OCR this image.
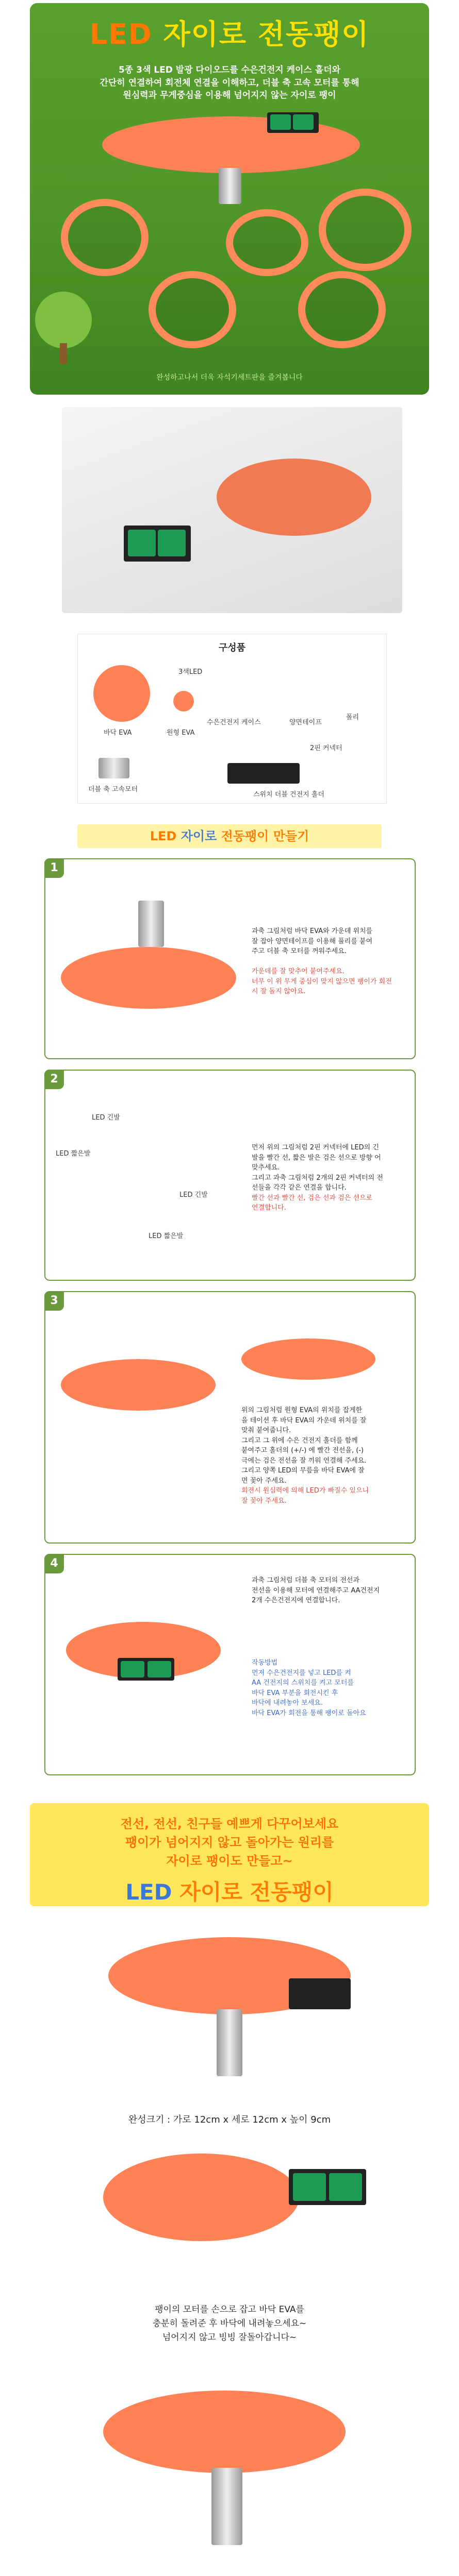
LED 자이로 전동팽이
5종 3색 LED 발광 다이오드를 수은건전지 케이스 홀더와
간단히 연결하여 회전체 연결을 이해하고, 더블 축 고속 모터를 통해
원심력과 무게중심을 이용해 넘어지지 않는 자이로 팽이
완성하고나서 더욱 자석기세트판을 즐겨봅니다
구성품
3색LED
수은건전지 케이스	양면테이프
폴리
바닥 EVA	원형 EVA
2핀 커넥터
더블 축 고속모터
스위치 더블 건전지 홀더
LED 자이로 전동팽이 만들기
1
과축 그림처럼 바닥 EVA와 가운데 위치를
잘 잡아 양면테이프를 이용해 풀리를 붙여
주고 더블 축 모터를 꺼워주세요.

가운데를 잘 맞추어 붙여주세요.
너무 이 위 무게 중심이 맞지 않으면 팽이가 회전
시 잘 돌지 않아요.
2
LED 긴발
LED 짧은발
LED 긴발
LED 짧은발
먼저 위의 그림처럼 2핀 커넥터에 LED의 긴
발을 빨간 선, 짧은 발은 검은 선으로 방향 어
맞추세요.
그리고 과축 그림처럼 2개의 2핀 커넥터의 전
선들을 각각 같은 연결을 합니다.
빨간 선과 빨간 선, 검은 선과 검은 선으로
연결합니다.
3
위의 그림처럼 원형 EVA의 위치를 잡게한
을 테이션 후 바닥 EVA의 가운데 위치를 잘
맞춰 붙여줍니다.
그리고 그 위에 수은 건전지 홀더를 함께
붙여주고 홀더의 (+/-) 에 빨간 전선을, (-)
극에는 검은 전선을 잘 끼워 연결해 주세요.
그리고 양쪽 LED의 무릎을 바닥 EVA에 잘
면 꽃아 주세요.
회전시 원심력에 의해 LED가 빠질수 있으니
잘 꽃아 주세요.
4
과축 그림처럼 더블 축 모터의 전선과
전선을 이용해 모터에 연결해주고 AA건전지
2개 수은건전지에 연결합니다.
작동방법
먼저 수은건전지를 넣고 LED를 켜
AA 건전지의 스위치를 켜고 모터를
바닥 EVA 부분을 회전시킨 후
바닥에 내려놓아 보세요.
바닥 EVA가 회전을 통해 팽이로 돌아요
전선, 전선, 친구들 예쁘게 다꾸어보세요
팽이가 넘어지지 않고 돌아가는 원리를
자이로 팽이도 만들고~
LED 자이로 전동팽이
완성크기 : 가로 12cm x 세로 12cm x 높이 9cm
팽이의 모터를 손으로 잡고 바닥 EVA를
충분히 돌려준 후 바닥에 내려놓으세요~
넘어지지 않고 빙빙 잘돌아갑니다~
